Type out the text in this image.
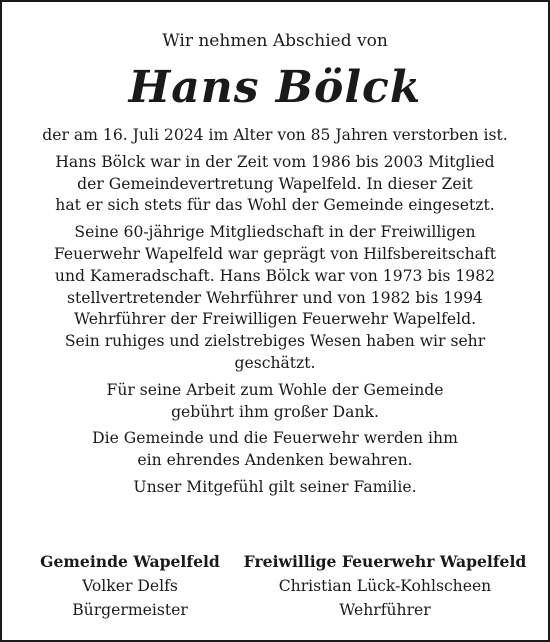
Wir nehmen Abschied von
Hans Bölck

der am 16. Juli 2024 im Alter von 85 Jahren verstorben ist.

Hans Bölck war in der Zeit vom 1986 bis 2003 Mitglied
der Gemeindevertretung Wapelfeld. In dieser Zeit
hat er sich stets für das Wohl der Gemeinde eingesetzt.

Seine 60-jährige Mitgliedschaft in der Freiwilligen
Feuerwehr Wapelfeld war geprägt von Hilfsbereitschaft
und Kameradschaft. Hans Bölck war von 1973 bis 1982
stellvertretender Wehrführer und von 1982 bis 1994
Wehrführer der Freiwilligen Feuerwehr Wapelfeld.
Sein ruhiges und zielstrebiges Wesen haben wir sehr
geschätzt.

Für seine Arbeit zum Wohle der Gemeinde
gebührt ihm großer Dank.

Die Gemeinde und die Feuerwehr werden ihm
ein ehrendes Andenken bewahren.

Unser Mitgefühl gilt seiner Familie.

Gemeinde Wapelfeld
Volker Delfs
Bürgermeister
Freiwillige Feuerwehr Wapelfeld
Christian Lück-Kohlscheen
Wehrführer
